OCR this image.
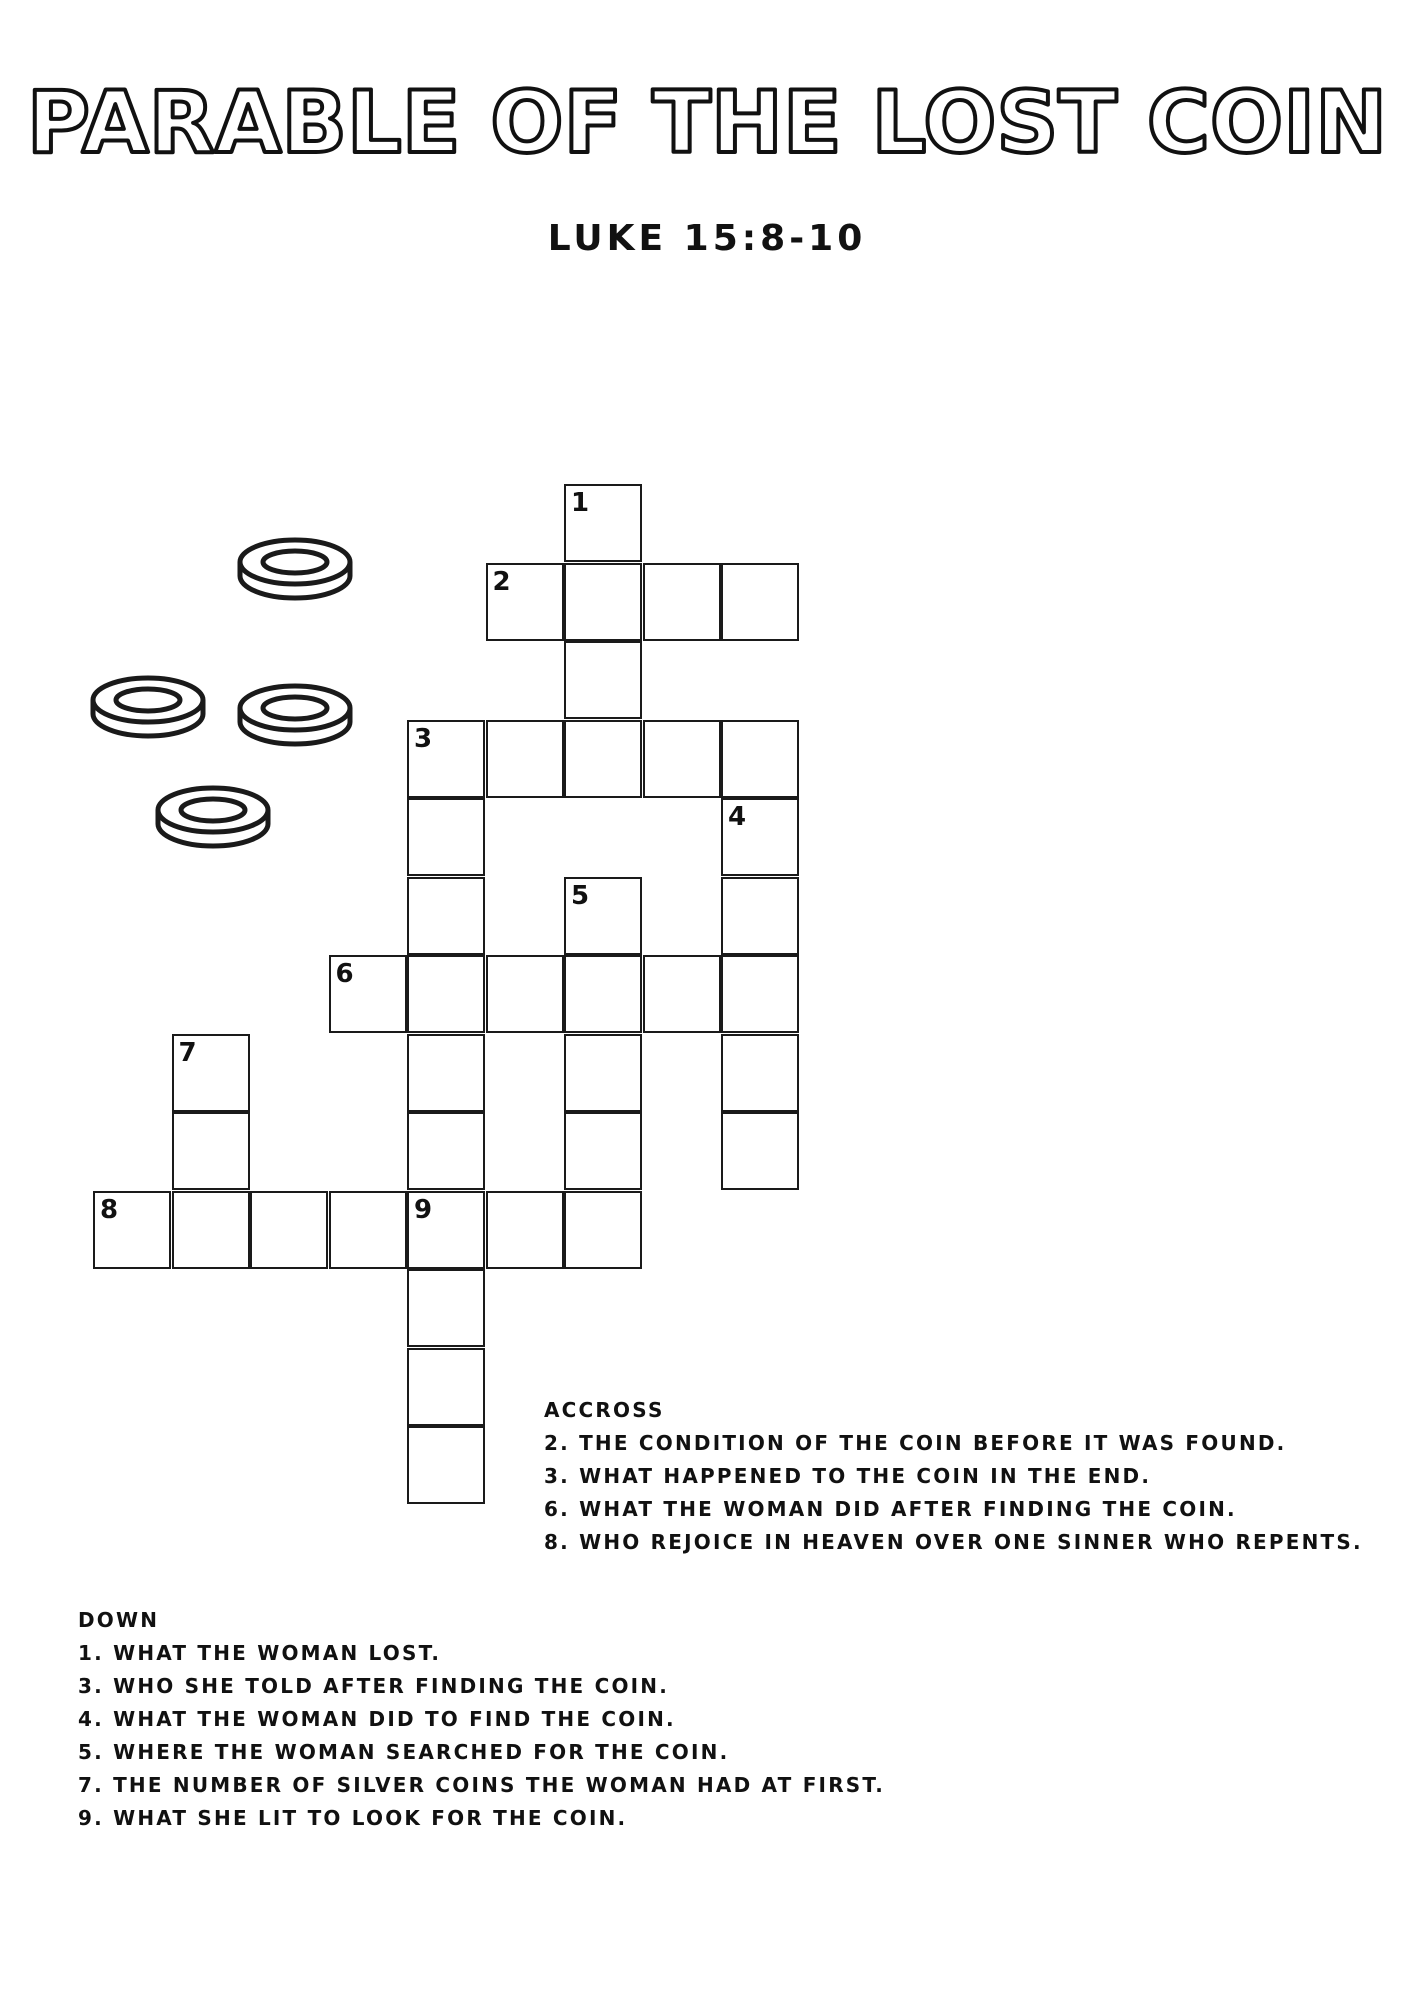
PARABLE OF THE LOST COIN
LUKE 15:8-10
1
2
3
4
5
6
7
8	9
ACCROSS
2. THE CONDITION OF THE COIN BEFORE IT WAS FOUND.
3. WHAT HAPPENED TO THE COIN IN THE END.
6. WHAT THE WOMAN DID AFTER FINDING THE COIN.
8. WHO REJOICE IN HEAVEN OVER ONE SINNER WHO REPENTS.
DOWN
1. WHAT THE WOMAN LOST.
3. WHO SHE TOLD AFTER FINDING THE COIN.
4. WHAT THE WOMAN DID TO FIND THE COIN.
5. WHERE THE WOMAN SEARCHED FOR THE COIN.
7. THE NUMBER OF SILVER COINS THE WOMAN HAD AT FIRST.
9. WHAT SHE LIT TO LOOK FOR THE COIN.
